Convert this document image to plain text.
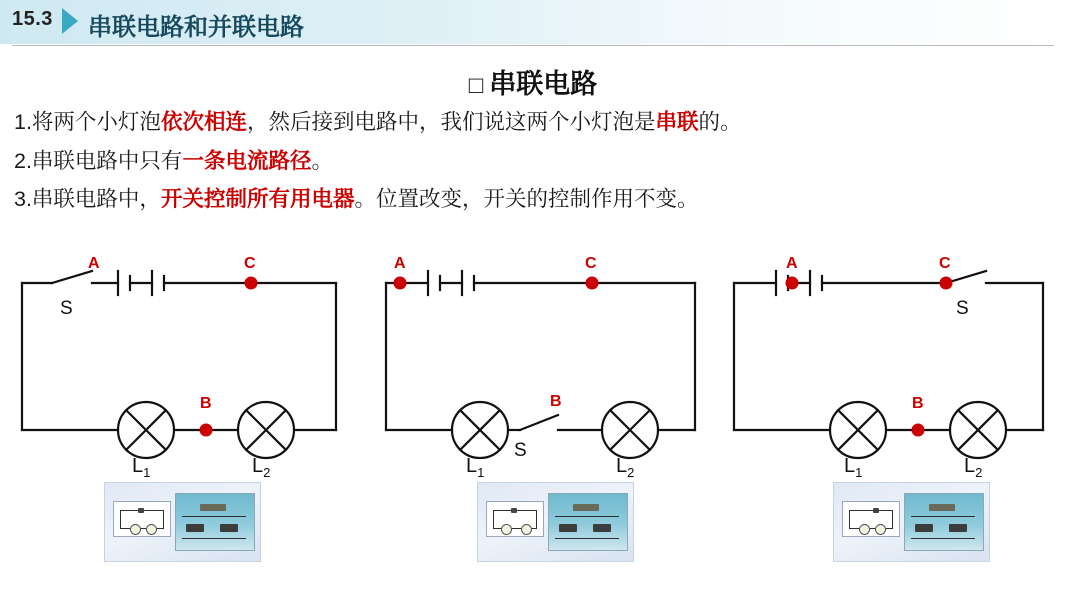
15.3 串联电路和并联电路
□ 串联电路
1.将两个小灯泡依次相连，然后接到电路中，我们说这两个小灯泡是串联的。
2.串联电路中只有一条电流路径。
3.串联电路中，开关控制所有用电器。位置改变，开关的控制作用不变。
A	C
B
S
$L_1$	$L_2$
A	C
B
S
$L_1$	$L_2$
A	C
B
S
$L_1$	$L_2$
